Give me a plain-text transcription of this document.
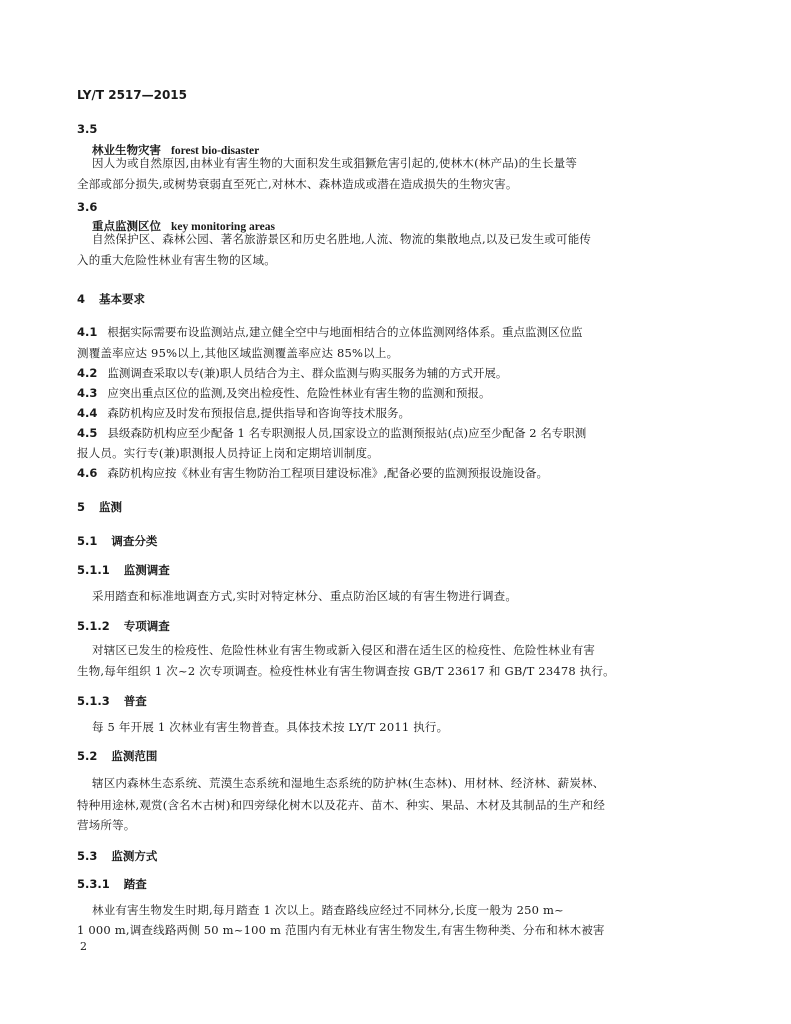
LY/T 2517—2015
3.5
林业生物灾害 forest bio-disaster
因人为或自然原因,由林业有害生物的大面积发生或猖獗危害引起的,使林木(林产品)的生长量等
全部或部分损失,或树势衰弱直至死亡,对林木、森林造成或潜在造成损失的生物灾害。
3.6
重点监测区位 key monitoring areas
自然保护区、森林公园、著名旅游景区和历史名胜地,人流、物流的集散地点,以及已发生或可能传
入的重大危险性林业有害生物的区域。
4 基本要求
4.1 根据实际需要布设监测站点,建立健全空中与地面相结合的立体监测网络体系。重点监测区位监
测覆盖率应达 95%以上,其他区域监测覆盖率应达 85%以上。
4.2 监测调查采取以专(兼)职人员结合为主、群众监测与购买服务为辅的方式开展。
4.3 应突出重点区位的监测,及突出检疫性、危险性林业有害生物的监测和预报。
4.4 森防机构应及时发布预报信息,提供指导和咨询等技术服务。
4.5 县级森防机构应至少配备 1 名专职测报人员,国家设立的监测预报站(点)应至少配备 2 名专职测
报人员。实行专(兼)职测报人员持证上岗和定期培训制度。
4.6 森防机构应按《林业有害生物防治工程项目建设标准》,配备必要的监测预报设施设备。
5 监测
5.1 调查分类
5.1.1 监测调查
采用踏查和标准地调查方式,实时对特定林分、重点防治区域的有害生物进行调查。
5.1.2 专项调查
对辖区已发生的检疫性、危险性林业有害生物或新入侵区和潜在适生区的检疫性、危险性林业有害
生物,每年组织 1 次~2 次专项调查。检疫性林业有害生物调查按 GB/T 23617 和 GB/T 23478 执行。
5.1.3 普查
每 5 年开展 1 次林业有害生物普查。具体技术按 LY/T 2011 执行。
5.2 监测范围
辖区内森林生态系统、荒漠生态系统和湿地生态系统的防护林(生态林)、用材林、经济林、薪炭林、
特种用途林,观赏(含名木古树)和四旁绿化树木以及花卉、苗木、种实、果品、木材及其制品的生产和经
营场所等。
5.3 监测方式
5.3.1 踏查
林业有害生物发生时期,每月踏查 1 次以上。踏查路线应经过不同林分,长度一般为 250 m~
1 000 m,调查线路两侧 50 m~100 m 范围内有无林业有害生物发生,有害生物种类、分布和林木被害
2
